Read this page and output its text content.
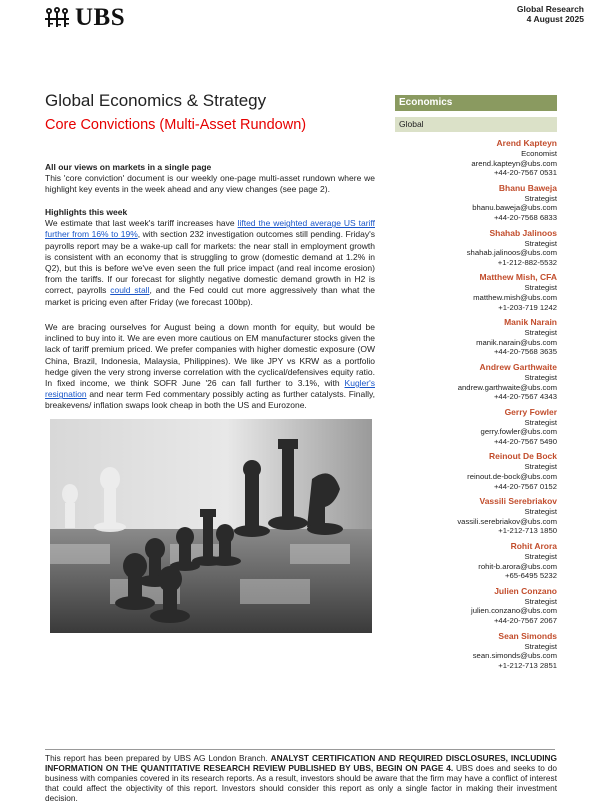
UBS	Global Research
4 August 2025
Global Economics & Strategy
Core Convictions (Multi-Asset Rundown)
Economics
Global
All our views on markets in a single page
This 'core conviction' document is our weekly one-page multi-asset rundown where we highlight key events in the week ahead and any view changes (see page 2).
Highlights this week
We estimate that last week's tariff increases have lifted the weighted average US tariff further from 16% to 19%, with section 232 investigation outcomes still pending. Friday's payrolls report may be a wake-up call for markets: the near stall in employment growth is consistent with an economy that is struggling to grow (domestic demand at 1.2% in Q2), but this is before we've even seen the full price impact (and real income erosion) from the tariffs. If our forecast for slightly negative domestic demand growth in H2 is correct, payrolls could stall, and the Fed could cut more aggressively than what the market is pricing even after Friday (we forecast 100bp).
We are bracing ourselves for August being a down month for equity, but would be inclined to buy into it. We are even more cautious on EM manufacturer stocks given the lack of tariff premium priced. We prefer companies with higher domestic exposure (OW China, Brazil, Indonesia, Malaysia, Philippines). We like JPY vs KRW as a portfolio hedge given the very strong inverse correlation with the cyclical/defensives equity ratio. In fixed income, we think SOFR June '26 can fall further to 3.1%, with Kugler's resignation and near term Fed commentary possibly acting as further catalysts. Finally, breakevens/ inflation swaps look cheap in both the US and Eurozone.
Arend Kapteyn
Economist
arend.kapteyn@ubs.com
+44-20-7567 0531
Bhanu Baweja
Strategist
bhanu.baweja@ubs.com
+44-20-7568 6833
Shahab Jalinoos
Strategist
shahab.jalinoos@ubs.com
+1-212-882-5532
Matthew Mish, CFA
Strategist
matthew.mish@ubs.com
+1-203-719 1242
Manik Narain
Strategist
manik.narain@ubs.com
+44-20-7568 3635
Andrew Garthwaite
Strategist
andrew.garthwaite@ubs.com
+44-20-7567 4343
Gerry Fowler
Strategist
gerry.fowler@ubs.com
+44-20-7567 5490
Reinout De Bock
Strategist
reinout.de-bock@ubs.com
+44-20-7567 0152
Vassili Serebriakov
Strategist
vassili.serebriakov@ubs.com
+1-212-713 1850
Rohit Arora
Strategist
rohit-b.arora@ubs.com
+65-6495 5232
Julien Conzano
Strategist
julien.conzano@ubs.com
+44-20-7567 2067
Sean Simonds
Strategist
sean.simonds@ubs.com
+1-212-713 2851
This report has been prepared by UBS AG London Branch. ANALYST CERTIFICATION AND REQUIRED DISCLOSURES, INCLUDING INFORMATION ON THE QUANTITATIVE RESEARCH REVIEW PUBLISHED BY UBS, BEGIN ON PAGE 4. UBS does and seeks to do business with companies covered in its research reports. As a result, investors should be aware that the firm may have a conflict of interest that could affect the objectivity of this report. Investors should consider this report as only a single factor in making their investment decision.
